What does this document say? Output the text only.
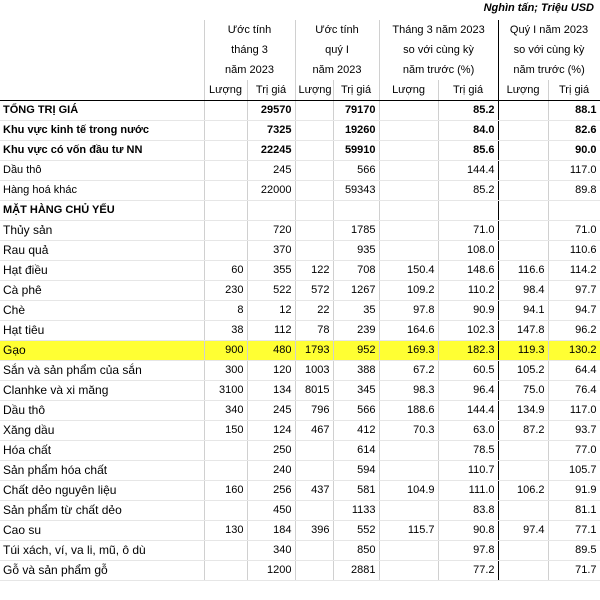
Nghìn tấn; Triệu USD
	Ước tính		Ước tính		Tháng 3 năm 2023		Quý I năm 2023	
	tháng 3		quý I		so với cùng kỳ		so với cùng kỳ	
	năm 2023		năm 2023		năm trước (%)		năm trước (%)	
	Lượng	Trị giá	Lượng	Trị giá	Lượng	Trị giá	Lượng	Trị giá
TỔNG TRỊ GIÁ		29570		79170		85.2		88.1
Khu vực kinh tế trong nước		7325		19260		84.0		82.6
Khu vực có vốn đầu tư NN		22245		59910		85.6		90.0
Dầu thô		245		566		144.4		117.0
Hàng hoá khác		22000		59343		85.2		89.8
MẶT HÀNG CHỦ YẾU								
Thủy sản		720		1785		71.0		71.0
Rau quả		370		935		108.0		110.6
Hạt điều	60	355	122	708	150.4	148.6	116.6	114.2
Cà phê	230	522	572	1267	109.2	110.2	98.4	97.7
Chè	8	12	22	35	97.8	90.9	94.1	94.7
Hạt tiêu	38	112	78	239	164.6	102.3	147.8	96.2
Gạo	900	480	1793	952	169.3	182.3	119.3	130.2
Sắn và sản phẩm của sắn	300	120	1003	388	67.2	60.5	105.2	64.4
Clanhke và xi măng	3100	134	8015	345	98.3	96.4	75.0	76.4
Dầu thô	340	245	796	566	188.6	144.4	134.9	117.0
Xăng dầu	150	124	467	412	70.3	63.0	87.2	93.7
Hóa chất		250		614		78.5		77.0
Sản phẩm hóa chất		240		594		110.7		105.7
Chất dẻo nguyên liệu	160	256	437	581	104.9	111.0	106.2	91.9
Sản phẩm từ chất dẻo		450		1133		83.8		81.1
Cao su	130	184	396	552	115.7	90.8	97.4	77.1
Túi xách, ví, va li, mũ, ô dù		340		850		97.8		89.5
Gỗ và sản phẩm gỗ		1200		2881		77.2		71.7
